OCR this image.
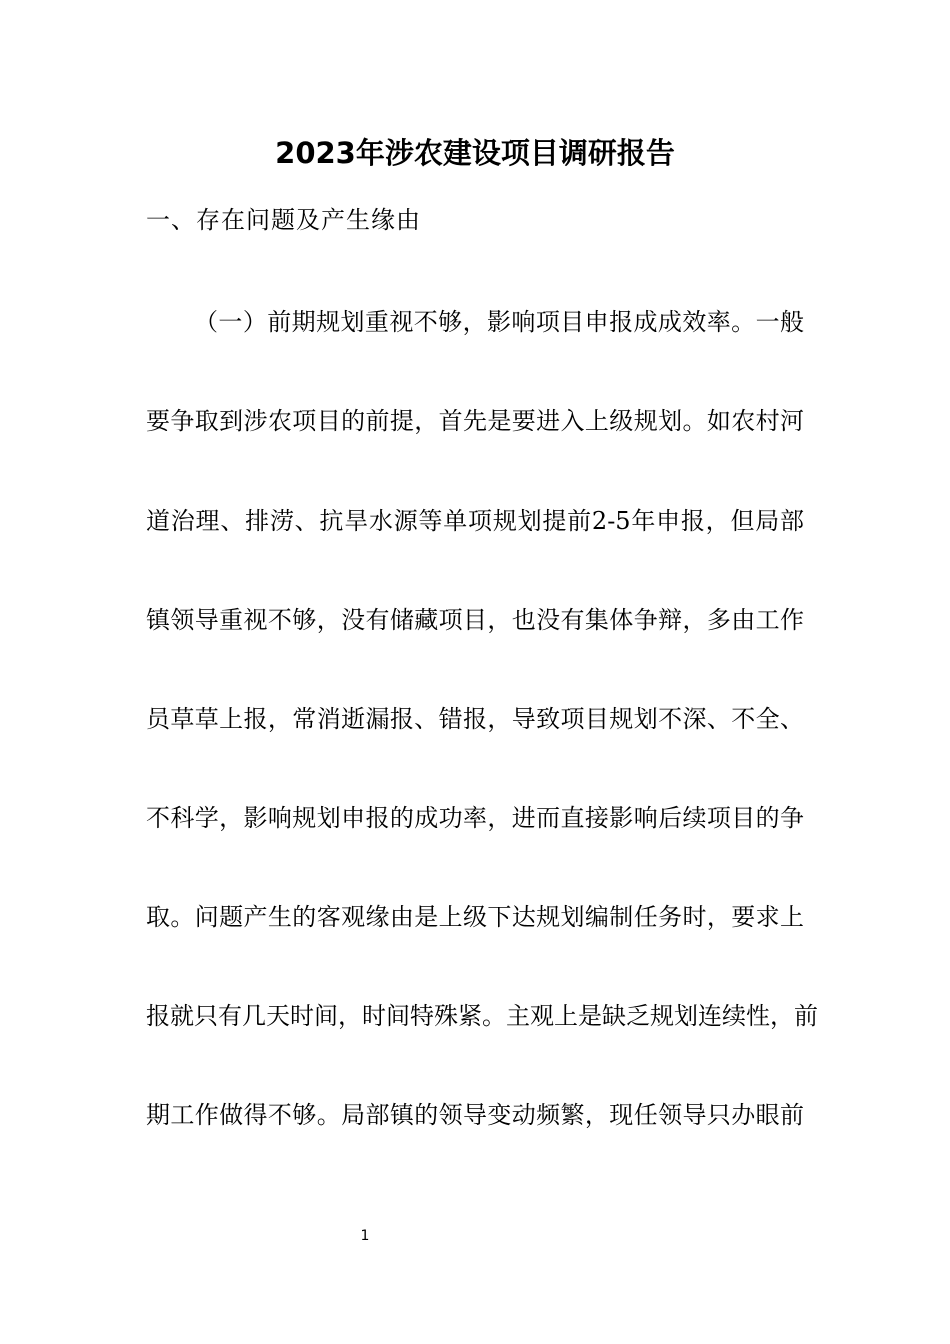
2023年涉农建设项目调研报告
一、存在问题及产生缘由
（一）前期规划重视不够，影响项目申报成成效率。一般
要争取到涉农项目的前提，首先是要进入上级规划。如农村河
道治理、排涝、抗旱水源等单项规划提前2-5年申报，但局部
镇领导重视不够，没有储藏项目，也没有集体争辩，多由工作
员草草上报，常消逝漏报、错报，导致项目规划不深、不全、
不科学，影响规划申报的成功率，进而直接影响后续项目的争
取。问题产生的客观缘由是上级下达规划编制任务时，要求上
报就只有几天时间，时间特殊紧。主观上是缺乏规划连续性，前
期工作做得不够。局部镇的领导变动频繁，现任领导只办眼前
1
